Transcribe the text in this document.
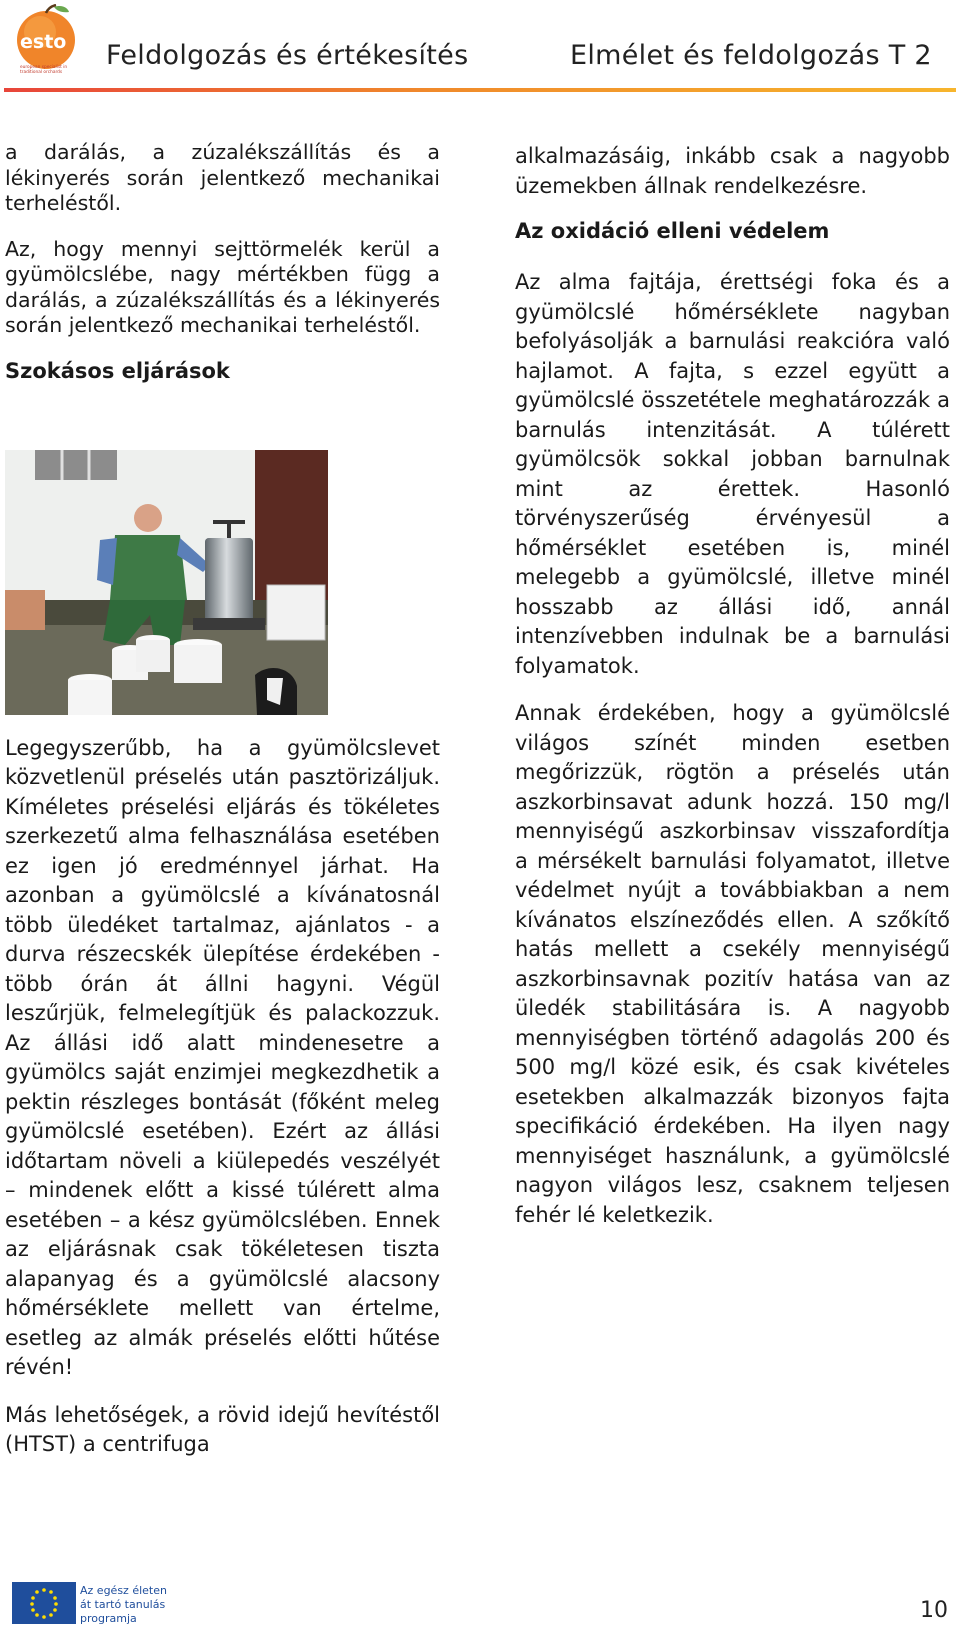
esto
european specialist in
traditional orchards
Feldolgozás és értékesítés	Elmélet és feldolgozás T 2

a darálás, a zúzalékszállítás és a lékinyerés során jelentkező mechanikai terheléstől.

Az, hogy mennyi sejttörmelék kerül a gyümölcslébe, nagy mértékben függ a darálás, a zúzalékszállítás és a lékinyerés során jelentkező mechanikai terheléstől.

Szokásos eljárások

Legegyszerűbb, ha a gyümölcslevet közvetlenül préselés után pasztörizáljuk. Kíméletes préselési eljárás és tökéletes szerkezetű alma felhasználása esetében ez igen jó eredménnyel járhat. Ha azonban a gyümölcslé a kívánatosnál több üledéket tartalmaz, ajánlatos - a durva részecskék ülepítése érdekében - több órán át állni hagyni. Végül leszűrjük, felmelegítjük és palackozzuk. Az állási idő alatt mindenesetre a gyümölcs saját enzimjei megkezdhetik a pektin részleges bontását (főként meleg gyümölcslé esetében). Ezért az állási időtartam növeli a kiülepedés veszélyét – mindenek előtt a kissé túlérett alma esetében – a kész gyümölcslében. Ennek az eljárásnak csak tökéletesen tiszta alapanyag és a gyümölcslé alacsony hőmérséklete mellett van értelme, esetleg az almák préselés előtti hűtése révén!

Más lehetőségek, a rövid idejű hevítéstől (HTST) a centrifuga

alkalmazásáig, inkább csak a nagyobb üzemekben állnak rendelkezésre.

Az oxidáció elleni védelem

Az alma fajtája, érettségi foka és a gyümölcslé hőmérséklete nagyban befolyásolják a barnulási reakcióra való hajlamot. A fajta, s ezzel együtt a gyümölcslé összetétele meghatározzák a barnulás intenzitását. A túlérett gyümölcsök sokkal jobban barnulnak mint az érettek. Hasonló törvényszerűség érvényesül a hőmérséklet esetében is, minél melegebb a gyümölcslé, illetve minél hosszabb az állási idő, annál intenzívebben indulnak be a barnulási folyamatok.

Annak érdekében, hogy a gyümölcslé világos színét minden esetben megőrizzük, rögtön a préselés után aszkorbinsavat adunk hozzá. 150 mg/l mennyiségű aszkorbinsav visszafordítja a mérsékelt barnulási folyamatot, illetve védelmet nyújt a továbbiakban a nem kívánatos elszíneződés ellen. A szőkítő hatás mellett a csekély mennyiségű aszkorbinsavnak pozitív hatása van az üledék stabilitására is. A nagyobb mennyiségben történő adagolás 200 és 500 mg/l közé esik, és csak kivételes esetekben alkalmazzák bizonyos fajta specifikáció érdekében. Ha ilyen nagy mennyiséget használunk, a gyümölcslé nagyon világos lesz, csaknem teljesen fehér lé keletkezik.

Az egész életen
át tartó tanulás
programja	10
